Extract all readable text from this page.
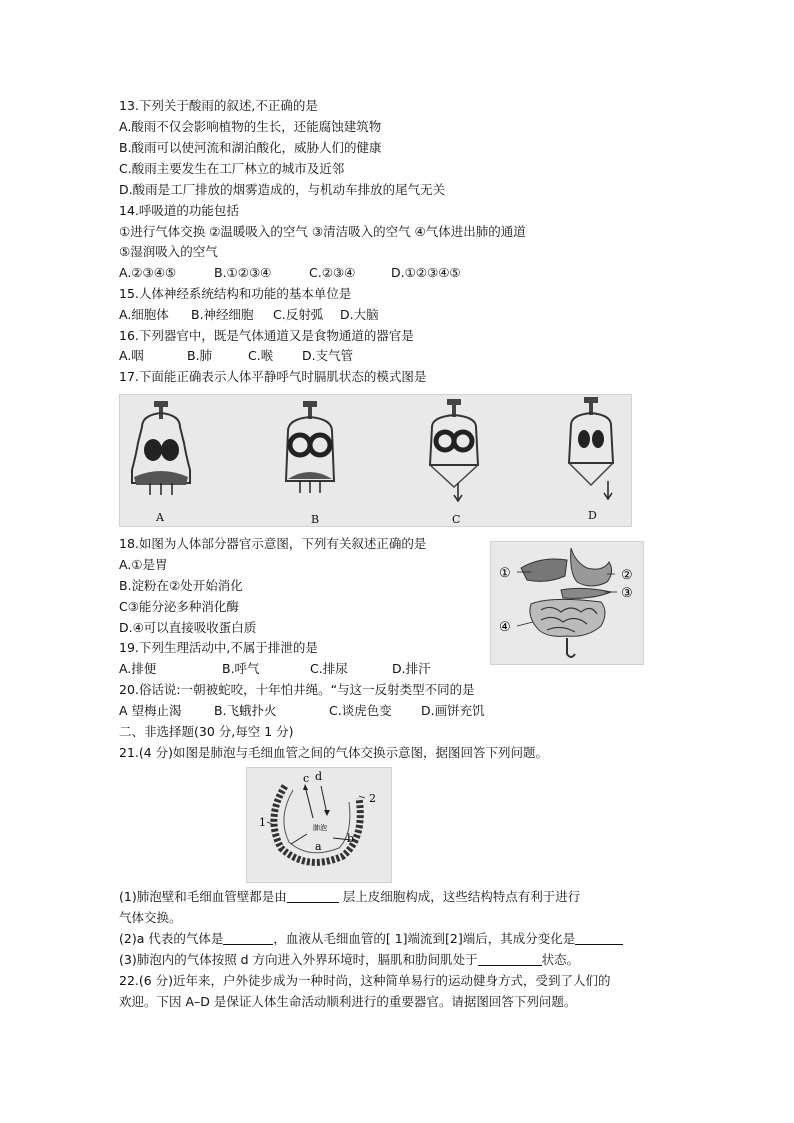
13.下列关于酸雨的叙述,不正确的是
A.酸雨不仅会影响植物的生长，还能腐蚀建筑物
B.酸雨可以使河流和湖泊酸化，威胁人们的健康
C.酸雨主要发生在工厂林立的城市及近邻
D.酸雨是工厂排放的烟雾造成的，与机动车排放的尾气无关
14.呼吸道的功能包括
①进行气体交换 ②温暖吸入的空气 ③清洁吸入的空气 ④气体进出肺的通道
⑤湿润吸入的空气
A.②③④⑤	B.①②③④	C.②③④	D.①②③④⑤
15.人体神经系统结构和功能的基本单位是
A.细胞体 B.神经细胞 C.反射弧 D.大脑
16.下列器官中，既是气体通道又是食物通道的器官是
A.咽	B.肺	C.喉 D.支气管
17.下面能正确表示人体平静呼气时膈肌状态的模式图是
A	B	C	D
18.如图为人体部分器官示意图，下列有关叙述正确的是
A.①是胃
B.淀粉在②处开始消化
C③能分泌多种消化酶
D.④可以直接吸收蛋白质
①	②
③
④
19.下列生理活动中,不属于排泄的是
A.排便	B.呼气	C.排尿	D.排汗
20.俗话说:一朝被蛇咬，十年怕井绳。“与这一反射类型不同的是
A 望梅止渴	B.飞蛾扑火	C.谈虎色变 D.画饼充饥
二、非选择题(30 分,每空 1 分)
21.(4 分)如图是肺泡与毛细血管之间的气体交换示意图，据图回答下列问题。
c d
1
2
肺泡
a
b
(1)肺泡壁和毛细血管壁都是由	层上皮细胞构成，这些结构特点有利于进行
气体交换。
(2)a 代表的气体是	，血液从毛细血管的[ 1]端流到[2]端后，其成分变化是
(3)肺泡内的气体按照 d 方向进入外界环境时，膈肌和肋间肌处于	状态。
22.(6 分)近年来，户外徒步成为一种时尚，这种简单易行的运动健身方式，受到了人们的
欢迎。下因 A–D 是保证人体生命活动顺利进行的重要器官。请据图回答下列问题。
